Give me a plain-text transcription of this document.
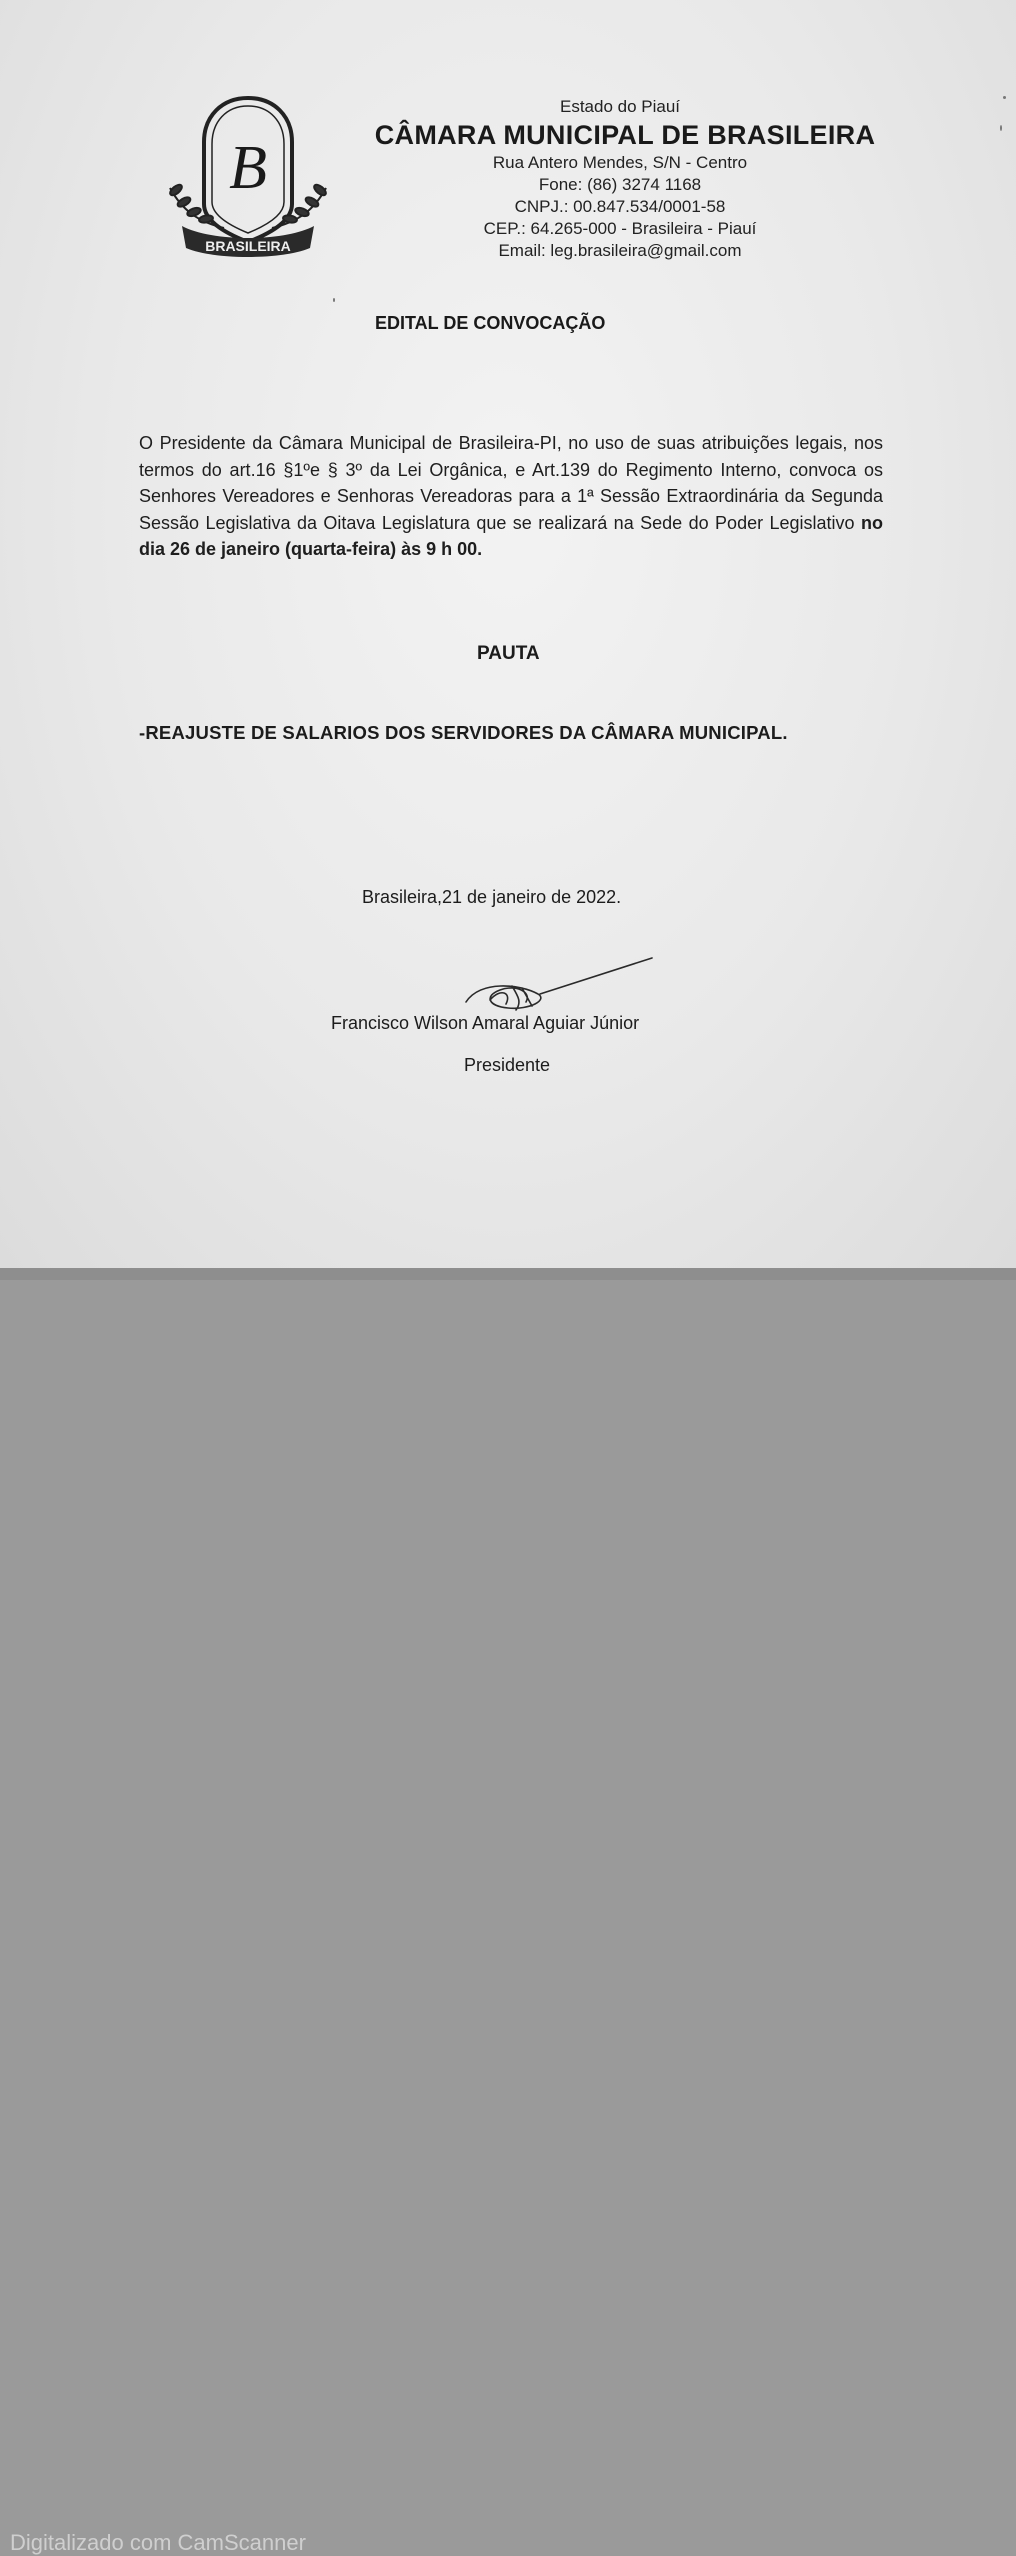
B
BRASILEIRA
Estado do Piauí
CÂMARA MUNICIPAL DE BRASILEIRA
Rua Antero Mendes, S/N - Centro
Fone: (86) 3274 1168
CNPJ.: 00.847.534/0001-58
CEP.: 64.265-000 - Brasileira - Piauí
Email: leg.brasileira@gmail.com
EDITAL DE CONVOCAÇÃO
O Presidente da Câmara Municipal de Brasileira-PI, no uso de suas atribuições legais, nos termos do art.16 §1ºe § 3º da Lei Orgânica, e Art.139 do Regimento Interno, convoca os Senhores Vereadores e Senhoras Vereadoras para a 1ª Sessão Extraordinária da Segunda Sessão Legislativa da Oitava Legislatura que se realizará na Sede do Poder Legislativo no dia 26 de janeiro (quarta-feira) às 9 h 00.
PAUTA
-REAJUSTE DE SALARIOS DOS SERVIDORES DA CÂMARA MUNICIPAL.
Brasileira,21 de janeiro de 2022.
Francisco Wilson Amaral Aguiar Júnior
Presidente
Digitalizado com CamScanner
